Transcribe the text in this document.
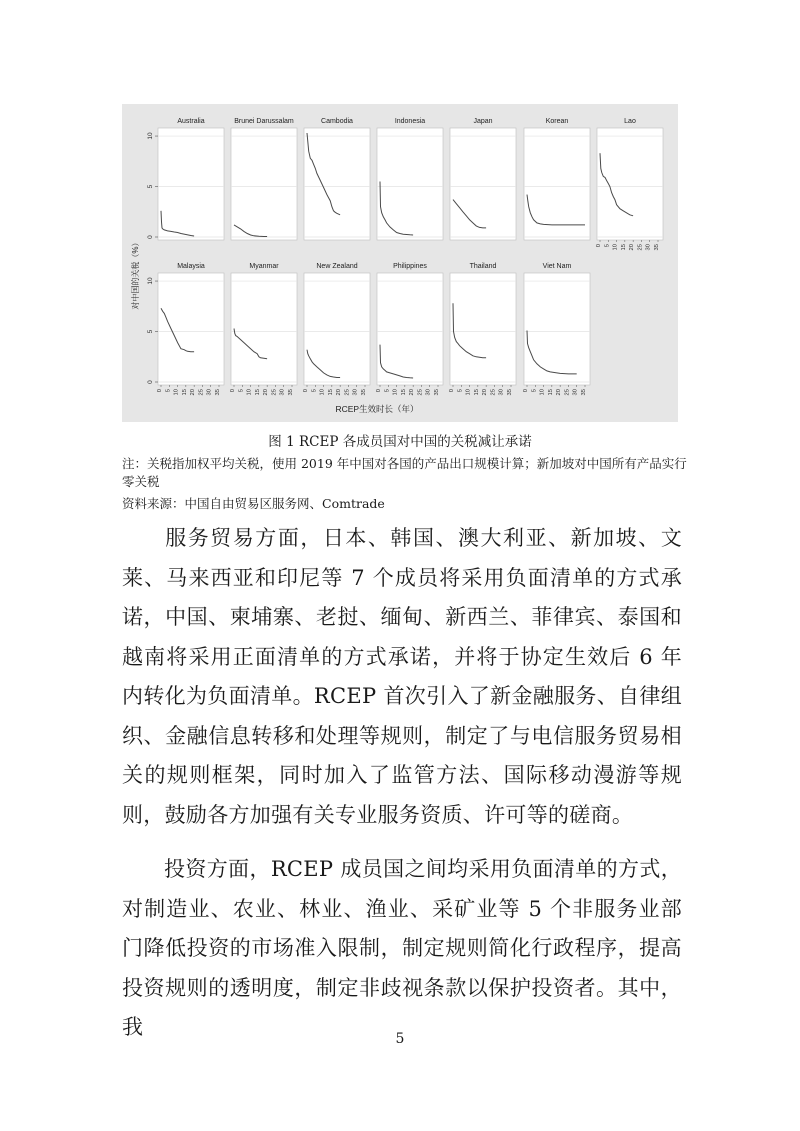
Australia
0
5
10
Brunei Darussalam	Cambodia	Indonesia	Japan	Korean	Lao
0 5 10 15 20 25 30 35
Malaysia
0
5
10
0 5 10 15 20 25 30 35
Myanmar
0 5 10 15 20 25 30 35
New Zealand
0 5 10 15 20 25 30 35
Philippines
0 5 10 15 20 25 30 35
Thailand
0 5 10 15 20 25 30 35
Viet Nam
0 5 10 15 20 25 30 35
对中国的关税（%）
RCEP生效时长（年）
图 1 RCEP 各成员国对中国的关税减让承诺
注：关税指加权平均关税，使用 2019 年中国对各国的产品出口规模计算；新加坡对中国所有产品实行零关税
资料来源：中国自由贸易区服务网、Comtrade

服务贸易方面，日本、韩国、澳大利亚、新加坡、文莱、马来西亚和印尼等 7 个成员将采用负面清单的方式承诺，中国、柬埔寨、老挝、缅甸、新西兰、菲律宾、泰国和越南将采用正面清单的方式承诺，并将于协定生效后 6 年内转化为负面清单。RCEP 首次引入了新金融服务、自律组织、金融信息转移和处理等规则，制定了与电信服务贸易相关的规则框架，同时加入了监管方法、国际移动漫游等规则，鼓励各方加强有关专业服务资质、许可等的磋商。

投资方面，RCEP 成员国之间均采用负面清单的方式，对制造业、农业、林业、渔业、采矿业等 5 个非服务业部门降低投资的市场准入限制，制定规则简化行政程序，提高投资规则的透明度，制定非歧视条款以保护投资者。其中，我	5
